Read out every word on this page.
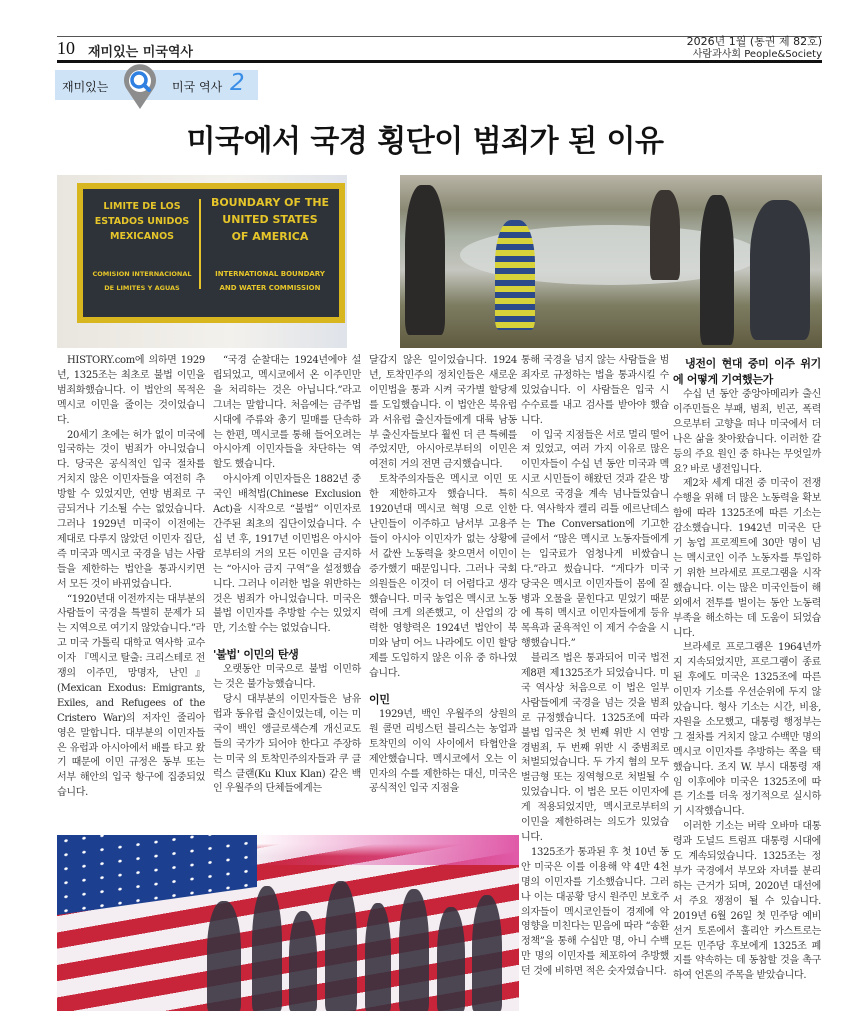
10 재미있는 미국역사
2026년 1월 (통권 제 82호)
사람과사회 People&Society
재미있는	미국 역사 2
미국에서 국경 횡단이 범죄가 된 이유
LIMITE DE LOS
ESTADOS UNIDOS
MEXICANOS
BOUNDARY OF THE
UNITED STATES
OF AMERICA
COMISION INTERNACIONAL
DE LIMITES Y AGUAS
INTERNATIONAL BOUNDARY
AND WATER COMMISSION

HISTORY.com에 의하면 1929년, 1325조는 최초로 불법 이민을 범죄화했습니다. 이 법안의 목적은 멕시코 이민을 줄이는 것이었습니다.

20세기 초에는 허가 없이 미국에 입국하는 것이 범죄가 아니었습니다. 당국은 공식적인 입국 절차를 거치지 않은 이민자들을 여전히 추방할 수 있었지만, 연방 범죄로 구금되거나 기소될 수는 없었습니다. 그러나 1929년 미국이 이전에는 제대로 다루지 않았던 이민자 집단, 즉 미국과 멕시코 국경을 넘는 사람들을 제한하는 법안을 통과시키면서 모든 것이 바뀌었습니다.

“1920년대 이전까지는 대부분의 사람들이 국경을 특별히 문제가 되는 지역으로 여기지 않았습니다.”라고 미국 가톨릭 대학교 역사학 교수이자 『멕시코 탈출: 크리스테로 전쟁의 이주민, 망명자, 난민』(Mexican Exodus: Emigrants, Exiles, and Refugees of the Cristero War)의 저자인 줄리아 영은 말합니다. 대부분의 이민자들은 유럽과 아시아에서 배를 타고 왔기 때문에 이민 규정은 동부 또는 서부 해안의 입국 항구에 집중되었습니다.

“국경 순찰대는 1924년에야 설립되었고, 멕시코에서 온 이주민만을 처리하는 것은 아닙니다.”라고 그녀는 말합니다. 처음에는 금주법 시대에 주류와 총기 밀매를 단속하는 한편, 멕시코를 통해 들어오려는 아시아계 이민자들을 차단하는 역할도 했습니다.

아시아계 이민자들은 1882년 중국인 배척법(Chinese Exclusion Act)을 시작으로 “불법” 이민자로 간주된 최초의 집단이었습니다. 수십 년 후, 1917년 이민법은 아시아로부터의 거의 모든 이민을 금지하는 “아시아 금지 구역”을 설정했습니다. 그러나 이러한 법을 위반하는 것은 범죄가 아니었습니다. 미국은 불법 이민자를 추방할 수는 있었지만, 기소할 수는 없었습니다.

'불법' 이민의 탄생

오랫동안 미국으로 불법 이민하는 것은 불가능했습니다.

당시 대부분의 이민자들은 남유럽과 동유럽 출신이었는데, 이는 미국이 백인 앵글로색슨계 개신교도들의 국가가 되어야 한다고 주장하는 미국 의 토착민주의자들과 쿠 클럭스 클랜(Ku Klux Klan) 같은 백인 우월주의 단체들에게는

달갑지 않은 일이었습니다. 1924년, 토착민주의 정치인들은 새로운 이민법을 통과 시켜 국가별 할당제를 도입했습니다. 이 법안은 북유럽과 서유럽 출신자들에게 대륙 남동부 출신자들보다 훨씬 더 큰 특혜를 주었지만, 아시아로부터의 이민은 여전히 거의 전면 금지했습니다.

토착주의자들은 멕시코 이민 또한 제한하고자 했습니다. 특히 1920년대 멕시코 혁명 으로 인한 난민들이 이주하고 남서부 고용주들이 아시아 이민자가 없는 상황에서 값싼 노동력을 찾으면서 이민이 증가했기 때문입니다. 그러나 국회의원들은 이것이 더 어렵다고 생각했습니다. 미국 농업은 멕시코 노동력에 크게 의존했고, 이 산업의 강력한 영향력은 1924년 법안이 북미와 남미 어느 나라에도 이민 할당제를 도입하지 않은 이유 중 하나였습니다.

이민

1929년, 백인 우월주의 상원의원 콜먼 리빙스턴 블리스는 농업과 토착민의 이익 사이에서 타협안을 제안했습니다. 멕시코에서 오는 이민자의 수를 제한하는 대신, 미국은 공식적인 입국 지점을

통해 국경을 넘지 않는 사람들을 범죄자로 규정하는 법을 통과시킬 수 있었습니다. 이 사람들은 입국 시 수수료를 내고 검사를 받아야 했습니다.

이 입국 지점들은 서로 멀리 떨어져 있었고, 여러 가지 이유로 많은 이민자들이 수십 년 동안 미국과 멕시코 시민들이 해왔던 것과 같은 방식으로 국경을 계속 넘나들었습니다. 역사학자 켈리 리틀 에르난데스는 The Conversation에 기고한 글에서 “많은 멕시코 노동자들에게는 입국료가 엄청나게 비쌌습니다.”라고 썼습니다. “게다가 미국 당국은 멕시코 이민자들이 몸에 질병과 오물을 묻힌다고 믿었기 때문에 특히 멕시코 이민자들에게 등유 목욕과 굴욕적인 이 제거 수술을 시행했습니다.”

블리즈 법은 통과되어 미국 법전 제8편 제1325조가 되었습니다. 미국 역사상 처음으로 이 법은 일부 사람들에게 국경을 넘는 것을 범죄로 규정했습니다. 1325조에 따라 불법 입국은 첫 번째 위반 시 연방 경범죄, 두 번째 위반 시 중범죄로 처벌되었습니다. 두 가지 혐의 모두 벌금형 또는 징역형으로 처벌될 수 있었습니다. 이 법은 모든 이민자에게 적용되었지만, 멕시코로부터의 이민을 제한하려는 의도가 있었습니다.

1325조가 통과된 후 첫 10년 동안 미국은 이를 이용해 약 4만 4천 명의 이민자를 기소했습니다. 그러나 이는 대공황 당시 원주민 보호주의자들이 멕시코인들이 경제에 악영향을 미친다는 믿음에 따라 “송환 정책”을 통해 수십만 명, 아니 수백만 명의 이민자를 체포하여 추방했던 것에 비하면 적은 숫자였습니다.

냉전이 현대 중미 이주 위기에 어떻게 기여했는가

수십 년 동안 중앙아메리카 출신 이주민들은 부패, 범죄, 빈곤, 폭력으로부터 고향을 떠나 미국에서 더 나은 삶을 찾아왔습니다. 이러한 갈등의 주요 원인 중 하나는 무엇일까요? 바로 냉전입니다.

제2차 세계 대전 중 미국이 전쟁 수행을 위해 더 많은 노동력을 확보함에 따라 1325조에 따른 기소는 감소했습니다. 1942년 미국은 단기 농업 프로젝트에 30만 명이 넘는 멕시코인 이주 노동자를 투입하기 위한 브라세로 프로그램을 시작했습니다. 이는 많은 미국인들이 해외에서 전투를 벌이는 동안 노동력 부족을 해소하는 데 도움이 되었습니다.

브라세로 프로그램은 1964년까지 지속되었지만, 프로그램이 종료된 후에도 미국은 1325조에 따른 이민자 기소를 우선순위에 두지 않았습니다. 형사 기소는 시간, 비용, 자원을 소모했고, 대통령 행정부는 그 절차를 거치지 않고 수백만 명의 멕시코 이민자를 추방하는 쪽을 택했습니다. 조지 W. 부시 대통령 재임 이후에야 미국은 1325조에 따른 기소를 더욱 정기적으로 실시하기 시작했습니다.

이러한 기소는 버락 오바마 대통령과 도널드 트럼프 대통령 시대에도 계속되었습니다. 1325조는 정부가 국경에서 부모와 자녀를 분리하는 근거가 되며, 2020년 대선에서 주요 쟁점이 될 수 있습니다. 2019년 6월 26일 첫 민주당 예비선거 토론에서 훌리안 카스트로는 모든 민주당 후보에게 1325조 폐지를 약속하는 데 동참할 것을 촉구하여 언론의 주목을 받았습니다.
